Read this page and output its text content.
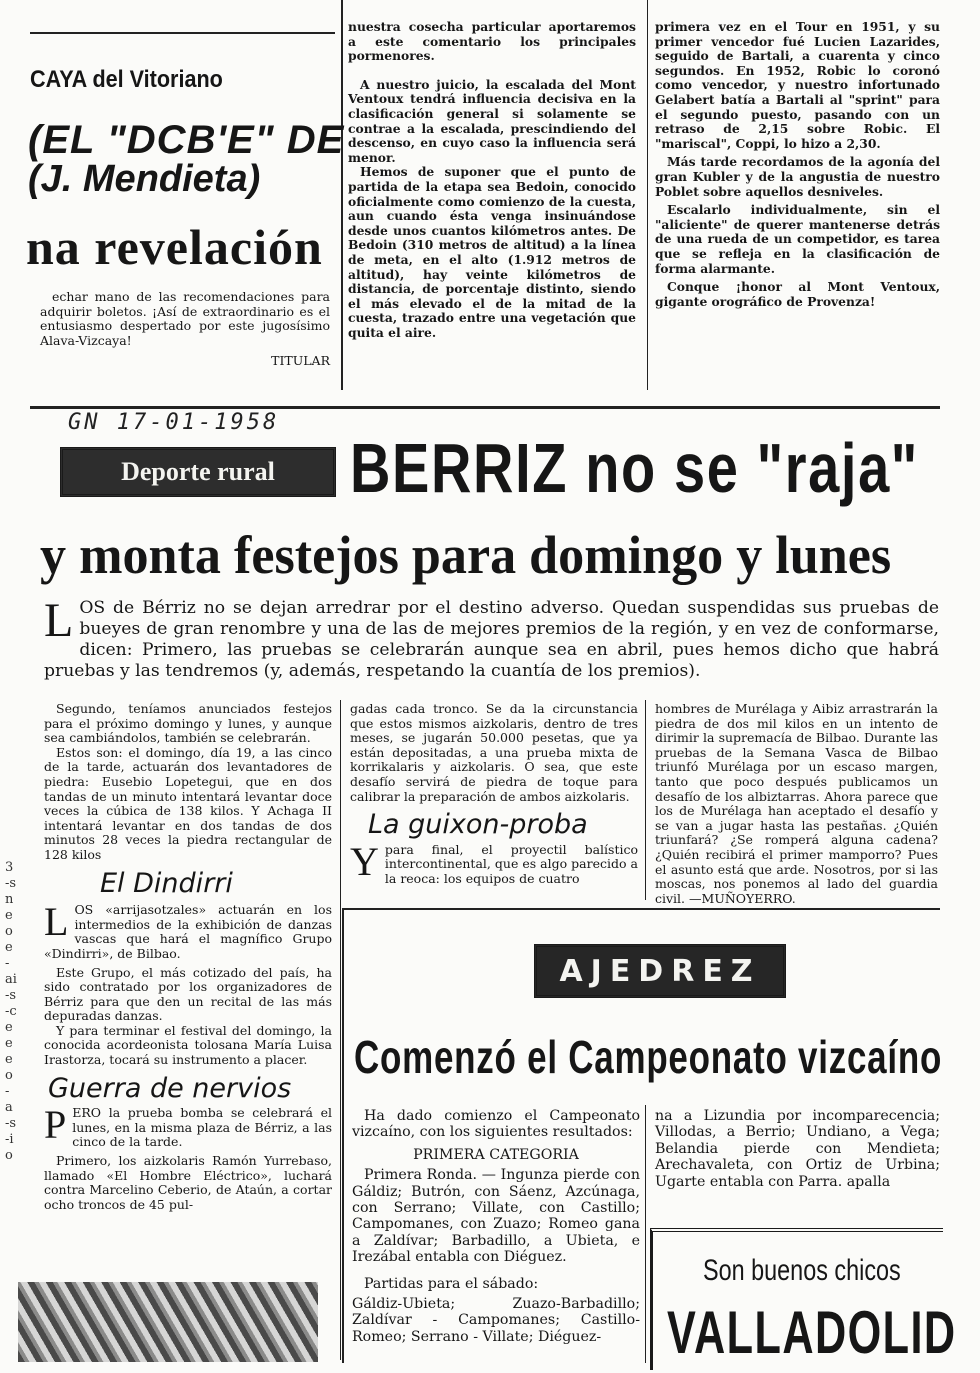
CAYA del Vitoriano
(EL "DCB'E" DE
(J. Mendieta)
na revelación

echar mano de las recomendaciones para adquirir boletos. ¡Así de extraordinario es el entusiasmo despertado por este jugosísimo Alava-Vizcaya!

TITULAR

nuestra cosecha particular aportaremos a este comentario los principales pormenores.

A nuestro juicio, la escalada del Mont Ventoux tendrá influencia decisiva en la clasificación general si solamente se contrae a la escalada, prescindiendo del descenso, en cuyo caso la influencia será menor.

Hemos de suponer que el punto de partida de la etapa sea Bedoin, conocido oficialmente como comienzo de la cuesta, aun cuando ésta venga insinuándose desde unos cuantos kilómetros antes. De Bedoin (310 metros de altitud) a la línea de meta, en el alto (1.912 metros de altitud), hay veinte kilómetros de distancia, de porcentaje distinto, siendo el más elevado el de la mitad de la cuesta, trazado entre una vegetación que quita el aire.

primera vez en el Tour en 1951, y su primer vencedor fué Lucien Lazarides, seguido de Bartali, a cuarenta y cinco segundos. En 1952, Robic lo coronó como vencedor, y nuestro infortunado Gelabert batía a Bartali al "sprint" para el segundo puesto, pasando con un retraso de 2,15 sobre Robic. El "mariscal", Coppi, lo hizo a 2,30.

Más tarde recordamos de la agonía del gran Kubler y de la angustia de nuestro Poblet sobre aquellos desniveles.

Escalarlo individualmente, sin el "aliciente" de querer mantenerse detrás de una rueda de un competidor, es tarea que se refleja en la clasificación de forma alarmante.

Conque ¡honor al Mont Ventoux, gigante orográfico de Provenza!

GN 17-01-1958
Deporte rural BERRIZ no se "raja"
y monta festejos para domingo y lunes
L OS de Bérriz no se dejan arredrar por el destino adverso. Quedan suspendidas sus pruebas de bueyes de gran renombre y una de las de mejores premios de la región, y en vez de conformarse, dicen: Primero, las pruebas se celebrarán aunque sea en abril, pues hemos dicho que habrá pruebas y las tendremos (y, además, respetando la cuantía de los premios).

Segundo, teníamos anunciados festejos para el próximo domingo y lunes, y aunque sea cambiándolos, también se celebrarán.

Estos son: el domingo, día 19, a las cinco de la tarde, actuarán dos levantadores de piedra: Eusebio Lopetegui, que en dos tandas de un minuto intentará levantar doce veces la cúbica de 138 kilos. Y Achaga II intentará levantar en dos tandas de dos minutos 28 veces la piedra rectangular de 128 kilos

El Dindirri

L OS «arrijasotzales» actuarán en los intermedios de la exhibición de danzas vascas que hará el magnífico Grupo «Dindirri», de Bilbao.

Este Grupo, el más cotizado del país, ha sido contratado por los organizadores de Bérriz para que den un recital de las más depuradas danzas.

Y para terminar el festival del domingo, la conocida acordeonista tolosana María Luisa Irastorza, tocará su instrumento a placer.

Guerra de nervios

P ERO la prueba bomba se celebrará el lunes, en la misma plaza de Bérriz, a las cinco de la tarde.

Primero, los aizkolaris Ramón Yurrebaso, llamado «El Hombre Eléctrico», luchará contra Marcelino Ceberio, de Ataún, a cortar ocho troncos de 45 pul-

gadas cada tronco. Se da la circunstancia que estos mismos aizkolaris, dentro de tres meses, se jugarán 50.000 pesetas, que ya están depositadas, a una prueba mixta de korrikalaris y aizkolaris. O sea, que este desafío servirá de piedra de toque para calibrar la preparación de ambos aizkolaris.

La guixon-proba

Y para final, el proyectil balístico intercontinental, que es algo parecido a la reoca: los equipos de cuatro

hombres de Murélaga y Aibiz arrastrarán la piedra de dos mil kilos en un intento de dirimir la supremacía de Bilbao. Durante las pruebas de la Semana Vasca de Bilbao triunfó Murélaga por un escaso margen, tanto que poco después publicamos un desafío de los albiztarras. Ahora parece que los de Murélaga han aceptado el desafío y se van a jugar hasta las pestañas. ¿Quién triunfará? ¿Se romperá alguna cadena? ¿Quién recibirá el primer mamporro? Pues el asunto está que arde. Nosotros, por si las moscas, nos ponemos al lado del guardia civil. —MUÑOYERRO.

AJEDREZ
Comenzó el Campeonato vizcaíno

Ha dado comienzo el Campeonato vizcaíno, con los siguientes resultados:

PRIMERA CATEGORIA

Primera Ronda. — Ingunza pierde con Gáldiz; Butrón, con Sáenz, Azcúnaga, con Serrano; Villate, con Castillo; Campomanes, con Zuazo; Romeo gana a Zaldívar; Barbadillo, a Ubieta, e Irezábal entabla con Diéguez.

Partidas para el sábado:

Gáldiz-Ubieta; Zuazo-Barbadillo; Zaldívar - Campomanes; Castillo-Romeo; Serrano - Villate; Diéguez-

na a Lizundia por incomparecencia; Villodas, a Berrio; Undiano, a Vega; Belandia pierde con Mendieta; Arechavaleta, con Ortiz de Urbina; Ugarte entabla con Parra. apalla

Son buenos chicos
VALLADOLID
3-sneoe-ai-s-ceeeo-a-s-io
